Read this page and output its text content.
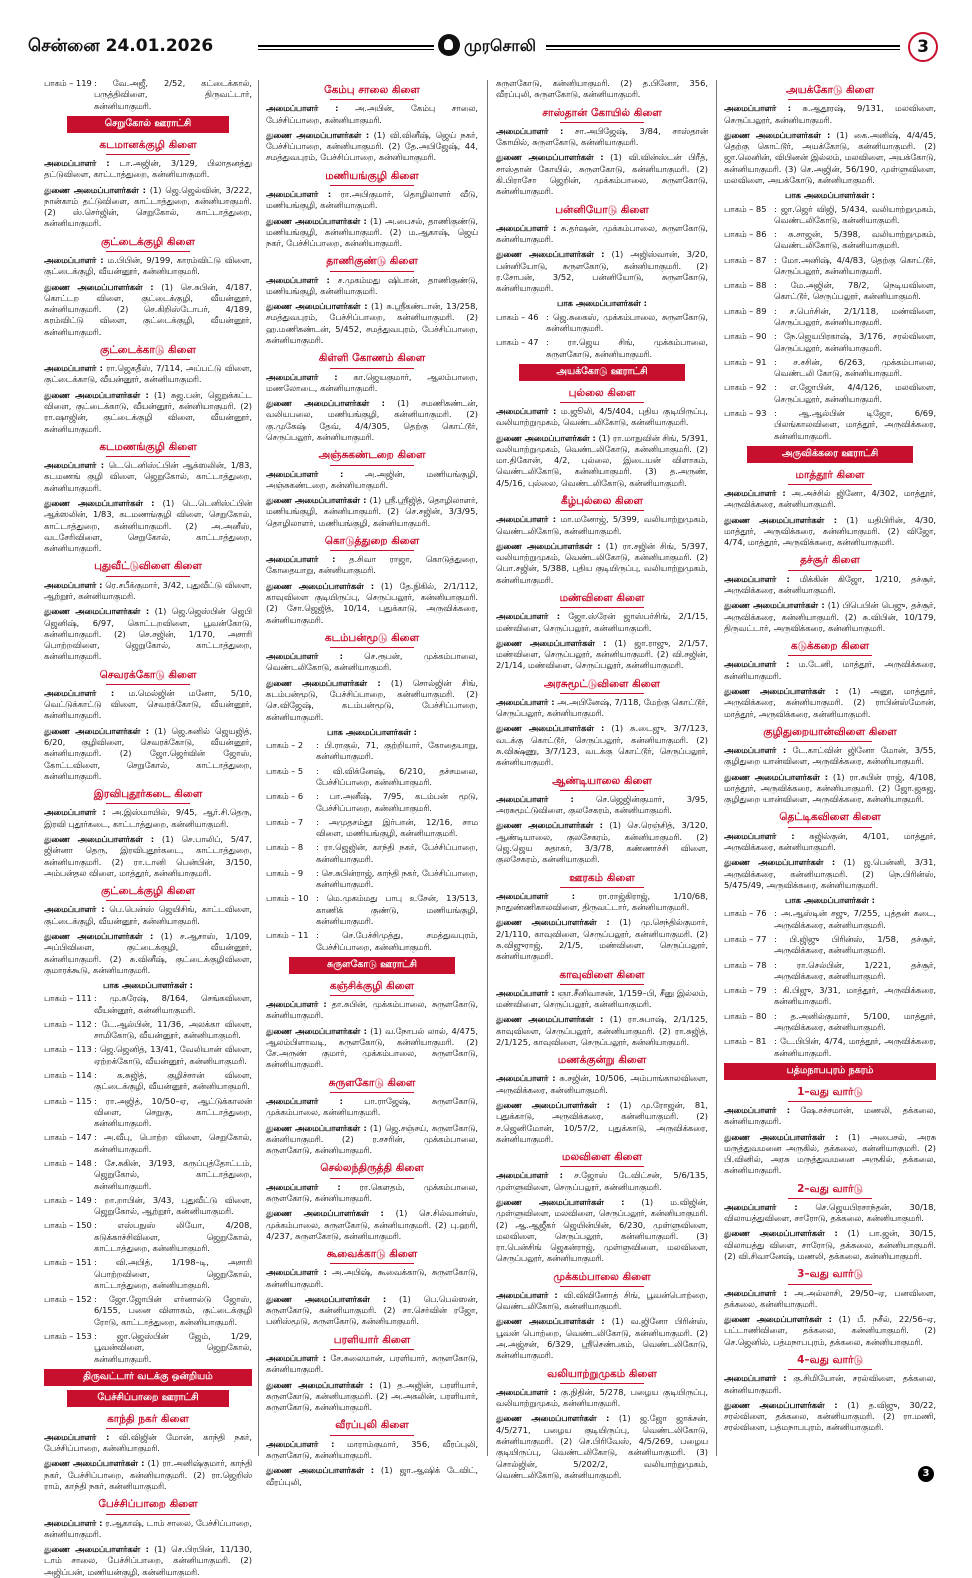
சென்னை 24.01.2026	முரசொலி	3
பாகம் – 119 : வே.அஜீ, 2/52, கட்டைக்கால், பருத்திவிளை, திருவட்டார், கன்னியாகுமரி.
செறுகோல் ஊராட்சி
கடமானக்குழி கிளை

அமைப்பாளர் : டா.அஜின், 3/129, பிலாதனத்து தட்டுவிளை, காட்டாத்துறை, கன்னியாகுமரி.

துணை அமைப்பாளர்கள் : (1) ஜெ.ஜெல்வின், 3/222, நான்காம் தட்டுவிளை, காட்டாத்துறை, கன்னியாகுமரி. (2) ஸ்.செர்ஜின், செறுகோல், காட்டாத்துறை, கன்னியாகுமரி.

குட்டைக்குழி கிளை

அமைப்பாளர் : ம.பிபின், 9/199, காரம்விட்டு விளை, குட்டைக்குழி, வீயன்னூர், கன்னியாகுமரி.

துணை அமைப்பாளர்கள் : (1) செ.சுபின், 4/187, கொட்டற விளை, குட்டைக்குழி, வீயன்னூர், கன்னியாகுமரி. (2) செ.கிறிஸ்டோபர், 4/189, கரம்விட்டு விளை, குட்டைக்குழி, வீயன்னூர், கன்னியாகுமரி.

குட்டைக்காடு கிளை

அமைப்பாளர் : ரா.ஜெகதீஸ், 7/114, அப்பட்டு விளை, குட்டைக்காடு, வீயன்னூர், கன்னியாகுமரி.

துணை அமைப்பாளர்கள் : (1) சுஜ.பன், ஜெறுக்கட்ட விளை, குட்டைக்காடு, வீயன்னூர், கன்னியாகுமரி. (2) ரா.ஷாஜின், குட்டைக்குழி விளை, வீயன்னூர், கன்னியாகுமரி.

கடமணங்குழி கிளை

அமைப்பாளர் : டெ.டெனிஸ்ட்பின் ஆக்ஸலின், 1/83, கடமணங் குழி விளை, ஜெறுகோல், காட்டாத்துறை, கன்னியாகுமரி.

துணை அமைப்பாளர்கள் : (1) டெ.டெனிஸ்ட்பின் ஆக்ஸலின், 1/83, கடமணங்குழி விளை, செறுகோல், காட்டாத்துறை, கன்னியாகுமரி. (2) அ.அனீஸ், வடசேரிவிளை, செறுகோல், காட்டாத்துறை, கன்னியாகுமரி.

புதுவீட்டுவிளை கிளை

அமைப்பாளர் : ரெ.சபீக்குமார், 3/42, புதுவீட்டு விளை, ஆற்றூர், கன்னியாகுமரி.

துணை அமைப்பாளர்கள் : (1) ஜெ.ஜெஸ்பின் ஜெபி ஜெனிஷ், 6/97, கொட்டறவிளை, பூவன்கோடு, கன்னியாகுமரி. (2) செ.சஜின், 1/170, அசாரி பொற்றவிளை, ஜெறுகோல், காட்டாத்துறை, கன்னியாகுமரி.

செவரக்கோடு கிளை

அமைப்பாளர் : ம.மெல்ஜின் மனோ, 5/10, வெட்டுக்காட்டு விளை, செவரக்கோடு, வீயன்னூர், கன்னியாகுமரி.

துணை அமைப்பாளர்கள் : (1) ஜெ.சுனில் ஜெயஜித், 6/20, குழிவிளை, செவரக்கோடு, வீயன்னூர், கன்னியாகுமரி. (2) ஜோ.ஜெர்வின் ஜோஸ், கோட்டவிளை, செறுகோல், காட்டாத்துறை, கன்னியாகுமரி.

இரவிபுதூர்கடை கிளை

அமைப்பாளர் : அ.இஸ்மாயில், 9/45, ஆர்.சி.தெரு, இரவி புதூர்கடை, காட்டாத்துறை, கன்னியாகுமரி.

துணை அமைப்பாளர்கள் : (1) செ.பாலிப், 5/47, ஜின்னா தெரு, இரவிபுதூர்கடை, காட்டாத்துறை, கன்னியாகுமரி. (2) ரா.டானி பென்பின், 3/150, அம்பன்தல விளை, மாத்தூர், கன்னியாகுமரி.

குட்டைக்குழி கிளை

அமைப்பாளர் : பெ.பென்ஸ் ஜெயிசிங், காட்டவிளை, குட்டைக்குழி, வீயன்னூர், கன்னியாகுமரி.

துணை அமைப்பாளர்கள் : (1) ச.ஆசாஸ், 1/109, அப்பிவிளை, குட்டைக்குழி, வீயன்னூர், கன்னியாகுமரி. (2) சு.வினீஷ், குட்டைக்குழிவிளை, குமாரக்கூடு, கன்னியாகுமரி.

பாக அமைப்பாளர்கள் :
பாகம் – 111 : மு.சுரேஷ், 8/164, செங்கவிளை, வீயன்னூர், கன்னியாகுமரி.
பாகம் – 112 : டே.ஆல்பின், 11/36, அலக்கா விளை, சாமிகோடு, வீயன்னூர், கன்னியாகுமரி.
பாகம் – 113 : ஜெ.ஜெனித், 13/41, வேலியான் விளை, ஏற்றக்கோடு, வீயன்னூர், கன்னியாகுமரி.
பாகம் – 114 : க.சுஜித், குழிச்சான் விளை, குட்டைக்குழி, வீயன்னூர், கன்னியாகுமரி.
பாகம் – 115 : ரா.அஜித், 10/50–ஏ, ஆட்டுக்காலன் விளை, செறுகு, காட்டாத்துறை, கன்னியாகுமரி.
பாகம் – 147 : அ.வீபு, பொற்ற விளை, செறுகோல், கன்னியாகுமரி.
பாகம் – 148 : சே.சுகின், 3/193, கருப்புத்தோட்டம், ஜெறுகோல், காட்டாத்துறை, கன்னியாகுமரி.
பாகம் – 149 : றா.றாபின், 3/43, புதுவீட்டு விளை, ஜெறுகோல், ஆற்றூர், கன்னியாகுமரி.
பாகம் – 150 : எஸ்பநுஸ் லியோ, 4/208, கடுக்காச்சிவிளை, ஜெறுகோல், காட்டாத்துறை, கன்னியாகுமரி.
பாகம் – 151 : வி.அபித், 1/198–டி, அசாரி பொற்றவிளை, ஜெறுகோல், காட்டாத்துறை, கன்னியாகுமரி.
பாகம் – 152 : ஜோ.ஜோபின் எர்னால்டு ஜோஸ், 6/155, பனை விளாகம், குட்டைக்குழி ரோடு, காட்டாத்துறை, கன்னியாகுமரி.
பாகம் – 153 : ஜா.ஜெஸ்பின் ஜேம், 1/29, பூவன்விளை, ஜெறுகோல், கன்னியாகுமரி.
திருவட்டார் வடக்கு ஒன்றியம்
பேச்சிப்பாறை ஊராட்சி
காந்தி நகர் கிளை

அமைப்பாளர் : வி.விஜின் மோன், காந்தி நகர், பேச்சிப்பாறை, கன்னியாகுமரி.

துணை அமைப்பாளர்கள் : (1) ரா.அனிஷ்குமார், காந்தி நகர், பேச்சிப்பாறை, கன்னியாகுமரி. (2) ரா.ஜெறிஸ் ராம், காந்தி நகர், கன்னியாகுமரி.

பேச்சிப்பாறை கிளை

அமைப்பாளர் : ர.ஆகாஷ், டாம் சாலை, பேச்சிப்பாறை, கன்னியாகுமரி.

துணை அமைப்பாளர்கள் : (1) செ.பிரபின், 11/130, டாம் சாலை, பேச்சிப்பாறை, கன்னியாகுமரி. (2) அஜிப்பன், மணியன்குழி, கன்னியாகுமரி.

கேம்பு சாலை கிளை

அமைப்பாளர் : அ.அபின், கேம்பு சாலை, பேச்சிப்பாறை, கன்னியாகுமரி.

துணை அமைப்பாளர்கள் : (1) வி.வினீஷ், ஜெய் நகர், பேச்சிப்பாறை, கன்னியாகுமரி. (2) தே.அபிஜேஷ், 44, சமத்துவபுரம், பேச்சிப்பாறை, கன்னியாகுமரி.

மணியங்குழி கிளை

அமைப்பாளர் : ரா.அபிகுமார், தொழிலாளர் வீடு, மணியங்குழி, கன்னியாகுமரி.

துணை அமைப்பாளர்கள் : (1) அ.பைசல், தாணிகுண்டு, மணியங்குழி, கன்னியாகுமரி. (2) ம.ஆகாஷ், ஜெய் நகர், பேச்சிப்பாறை, கன்னியாகுமரி.

தாணிகுண்டு கிளை

அமைப்பாளர் : ச.முகம்மது ஷிபான், தாணிகுண்டு, மணியங்குழி, கன்னியாகுமரி.

துணை அமைப்பாளர்கள் : (1) சு.ஸ்ரீகண்டான், 13/258, சமத்துவபுரம், பேச்சிப்பாறை, கன்னியாகுமரி. (2) ஹ.மணிகண்டன், 5/452, சமத்துவபுரம், பேச்சிப்பாறை, கன்னியாகுமரி.

கிள்ளி கோணம் கிளை

அமைப்பாளர் : கா.ஜெயகுமார், ஆலம்பாறை, மணலோடை, கன்னியாகுமரி.

துணை அமைப்பாளர்கள் : (1) சமணிகண்டன், வலியபலை, மணியங்குழி, கன்னியாகுமரி. (2) கு.முகேஷ் தேவ், 4/4/305, தெற்கு கொட்டூர், செருப்பலூர், கன்னியாகுமரி.

அஞ்சுகண்டறை கிளை

அமைப்பாளர் :	அ.அஜின், மணியங்குழி, அஞ்சுகண்டறை, கன்னியாகுமரி.

துணை அமைப்பாளர்கள் : (1) ஸ்ரீ.ஸ்ரீஜித், தொழிலாளர், மணியங்குழி, கன்னியாகுமரி. (2) செ.சஜின், 3/3/95, தொழிலாளர், மணியங்குழி, கன்னியாகுமரி.

கொடுத்துறை கிளை

அமைப்பாளர் : த.சிவா ராஜா, கொடுத்துறை, கோதையாறு, கன்னியாகுமரி.

துணை அமைப்பாளர்கள் : (1) தே.நிகில், 2/1/112, காவுவிளை குடியிருப்பு, செருப்பலூர், கன்னியாகுமரி. (2) சோ.ஜெஜித், 10/14, புதுக்காடு, அருவிக்கரை, கன்னியாகுமரி.

கடம்பன்மூடு கிளை

அமைப்பாளர் :	செ.ரூபன், முக்கம்பாலை, வெண்டலிகோடு, கன்னியாகுமரி.

துணை அமைப்பாளர்கள் : (1) சொல்ஜின் சிங், கடம்பன்மூடு, பேச்சிப்பாறை, கன்னியாகுமரி. (2) செ.விஜேஷ், கடம்பன்மூடு, பேச்சிப்பாறை, கன்னியாகுமரி.

பாக அமைப்பாளர்கள் :
பாகம் – 2	: பி.ராகுல், 71, குற்றியார், கோதையாறு, கன்னியாகுமரி.
பாகம் – 5	: வி.விக்னேஷ், 6/210, தச்சமலை, பேச்சிப்பாறை, கன்னியாகுமரி.
பாகம் – 6	: பா.அனீஷ், 7/95, கடம்பன் மூடு, பேச்சிப்பாறை, கன்னியாகுமரி.
பாகம் – 7	: அமுதசம்தூ இர்பான், 12/16, சாம விளை, மணியங்குழி, கன்னியாகுமரி.
பாகம் – 8	: ரா.ஜெஜின், காந்தி நகர், பேச்சிப்பாறை, கன்னியாகுமரி.
பாகம் – 9	: செ.சுபின்ராஜ், காந்தி நகர், பேச்சிப்பாறை, கன்னியாகுமரி.
பாகம் – 10 : மெ.முகம்மது பாபு உசேன், 13/513, காணிக் குண்டு, மணியங்குழி, கன்னியாகுமரி.
பாகம் – 11 : செ.பேச்சிமுத்து, சமத்துவபுரம், பேச்சிப்பாறை, கன்னியாகுமரி.
சுருளகோடு ஊராட்சி
கஞ்சிக்குழி கிளை

அமைப்பாளர் : தா.சுபின், முக்கம்பாலை, சுருளகோடு, கன்னியாகுமரி.

துணை அமைப்பாளர்கள் : (1) வ.நோபல் லால், 4/475, ஆலம்பிளாவடி, சுருளகோடு, கன்னியாகுமரி. (2) சே.அருண் குமார், முக்கம்பாலை, சுருளகோடு, கன்னியாகுமரி.

சுருளகோடு கிளை

அமைப்பாளர் :	பா.ராஜேஷ், சுருளகோடு, முக்கம்பாலை, கன்னியாகுமரி.

துணை அமைப்பாளர்கள் : (1) ஜெ.சஞ்சய், சுருளகோடு, கன்னியாகுமரி. (2) ர.சசரின், முக்கம்பாலை, சுருளகோடு, கன்னியாகுமரி.

செல்லந்திருத்தி கிளை

அமைப்பாளர் : ரா.கௌதம், முக்கம்பாலை, சுருளகோடு, கன்னியாகுமரி.

துணை அமைப்பாளர்கள் : (1) செ.சில்வான்ஸ், முக்கம்பாலை, சுருளகோடு, கன்னியாகுமரி. (2) பு.ஹரி, 4/237, சுருளகோடு, கன்னியாகுமரி.

கூவைக்காடு கிளை

அமைப்பாளர் : அ.அபிஷ், கூவைக்காடு, சுருளகோடு, கன்னியாகுமரி.

துணை அமைப்பாளர்கள் : (1) பெ.பெல்ஸன், சுருளகோடு, கன்னியாகுமரி. (2) சா.செர்வின் ரஜோ, பனிஸ்மூடு, சுருளகோடு, கன்னியாகுமரி.

பரளியார் கிளை

அமைப்பாளர் : சே.சுலைமான், பரளியார், சுருளகோடு, கன்னியாகுமரி.

துணை அமைப்பாளர்கள் : (1) த.அஜின், பரளியார், சுருளகோடு, கன்னியாகுமரி. (2) அ.அகலின், பரளியார், சுருளகோடு, கன்னியாகுமரி.

வீரப்புலி கிளை

அமைப்பாளர் : மாராம்குமார், 356, வீரப்புலி, சுருளகோடு, கன்னியாகுமரி.

துணை அமைப்பாளர்கள் : (1) ஜா.ஆஷிக் டேவிட், வீரப்புலி,

சுருளகோடு, கன்னியாகுமரி. (2) த.பினோ, 356, வீரப்புலி, சுருளகோடு, கன்னியாகுமரி.

சாஸ்தான் கோயில் கிளை

அமைப்பாளர் : சா.அபிஜேஷ், 3/84, சாஸ்தான் கோயில், சுருளகோடு, கன்னியாகுமரி.

துணை அமைப்பாளர்கள் : (1) வி.வின்ஸ்டன் பிரீத், சாஸ்தான் கோயில், சுருளகோடு, கன்னியாகுமரி. (2) கி.பிராசோ ஜெறின், முக்கம்பாலை, சுருளகோடு, கன்னியாகுமரி.

பன்னியோடு கிளை

அமைப்பாளர் : சு.தர்ஷன், முக்கம்பாலை, சுருளகோடு, கன்னியாகுமரி.

துணை அமைப்பாளர்கள் : (1) அஜிஸ்வான், 3/20, பன்னியோடு, சுருளகோடு, கன்னியாகுமரி. (2) ர.சோபன், 3/52, பன்னியோடு, சுருளகோடு, கன்னியாகுமரி.

பாக அமைப்பாளர்கள் :
பாகம் – 46 : ஜெ.சுகைஸ், முக்கம்பாலை, சுருளகோடு, கன்னியாகுமரி.
பாகம் – 47 : ரா.ஜெய சிங், முக்கம்பாலை, சுருளகோடு, கன்னியாகுமரி.
அயக்கோடு ஊராட்சி
புல்லை கிளை

அமைப்பாளர் : ம.ஜூலி, 4/5/404, புதிய குடியிருப்பு, வலியாற்றுமுகம், வெண்டலிகோடு, கன்னியாகுமரி.

துணை அமைப்பாளர்கள் : (1) ரா.மாநுவின் சிங், 5/391, வலியாற்றுமுகம், வெண்டலிகோடு, கன்னியாகுமரி. (2) மா.திகோன், 4/2, புல்லை, இடையன் விளாகம், வெண்டலிகோடு, கன்னியாகுமரி. (3) த.அருண், 4/5/16, புல்லை, வெண்டலிகோடு, கன்னியாகுமரி.

கீழ்புல்லை கிளை

அமைப்பாளர் : மா.மனோஜ், 5/399, வலியாற்றுமுகம், வெண்டலிகோடு, கன்னியாகுமரி.

துணை அமைப்பாளர்கள் : (1) ரா.சஜின் சிங், 5/397, வலியாற்றுமுகம், வெண்டலிகோடு, கன்னியாகுமரி. (2) பொ.சஜின், 5/388, புதிய குடியிருப்பு, வலியாற்றுமுகம், கன்னியாகுமரி.

மண்விளை கிளை

அமைப்பாளர் : ஜோ.ஸ்ரேன் ஜாஸ்பர்சிங், 2/1/15, மண்விளை, செருப்பலூர், கன்னியாகுமரி.

துணை அமைப்பாளர்கள் : (1) ஜா.ராஜு, 2/1/57, மண்விளை, செருப்பலூர், கன்னியாகுமரி. (2) வி.சஜின், 2/1/14, மண்விளை, செருப்பலூர், கன்னியாகுமரி.

அரசுமூட்டுவிளை கிளை

அமைப்பாளர் : அ.அபினேஷ், 7/118, மேற்கு கொட்டூர், செருப்பலூர், கன்னியாகுமரி.

துணை அமைப்பாளர்கள் : (1) சு.டைஜு, 3/7/123, வடக்கு கொட்டூர், செருப்பலூர், கன்னியாகுமரி. (2) சு.விக்ஷ்ணு, 3/7/123, வடக்கு கொட்டூர், செருப்பலூர், கன்னியாகுமரி.

ஆண்டியாலை கிளை

அமைப்பாளர் :	செ.ஜெஜின்குமார், 3/95, அரசுமூட்டுவிளை, குலசேகரம், கன்னியாகுமரி.

துணை அமைப்பாளர்கள் : (1) செ.ரெஞ்சித், 3/120, ஆண்டியாலை, குலசேகரம், கன்னியாகுமரி. (2) ஜெ.ஜெய சுதாகர், 3/3/78, கண்ணாச்சி விளை, குலசேகரம், கன்னியாகுமரி.

ஊரகம் கிளை

அமைப்பாளர் :	ரா.ராஜ்கிராஜ், 1/10/68, நாதுண்ணிகாலவிளை, திருவட்டார், கன்னியாகுமரி.

துணை அமைப்பாளர்கள் : (1) மு.செந்தில்குமார், 2/1/110, காவுவிளை, செருப்பலூர், கன்னியாகுமரி. (2) சு.விஜுராஜ், 2/1/5, மண்விளை, செருப்பலூர், கன்னியாகுமரி.

காவுவிளை கிளை

அமைப்பாளர் : ஞா.சீனிவாசன், 1/159–பி, சீனு இல்லம், மண்விளை, செருப்பலூர், கன்னியாகுமரி.

துணை அமைப்பாளர்கள் : (1) ரா.சுபாஷ், 2/1/125, காவுவிளை, செருப்பலூர், கன்னியாகுமரி. (2) ரா.சுஜித், 2/1/125, காவுவிளை, செருப்பலூர், கன்னியாகுமரி.

மணக்குன்று கிளை

அமைப்பாளர் : சு.சஜின், 10/506, அம்பாங்காலவிளை, அருவிக்கரை, கன்னியாகுமரி.

துணை அமைப்பாளர்கள் : (1) மு.ரோஜன், 81, புதுக்காடு, அருவிக்கரை, கன்னியாகுமரி. (2) ச.ஜெனிமோன், 10/57/2, புதுக்காடு, அருவிக்கரை, கன்னியாகுமரி.

மலவிளை கிளை

அமைப்பாளர் : ச.ஜோஸ் டேவிட்சன், 5/6/135, முள்ளுவிளை, செருப்பலூர், கன்னியாகுமரி.

துணை அமைப்பாளர்கள் : (1) ம.விஜின், முள்ளுவிளை, மலவிளை, செருப்பலூர், கன்னியாகுமரி. (2) ஆ.ஆஜீகர் ஜெயின்பின், 6/230, முள்ளுவிளை, மலவிளை, செருப்பலூர், கன்னியாகுமரி. (3) ரா.பென்சிங் ஜெகன்ராஜ், முள்ளுவிளை, மலவிளை, செருப்பலூர், கன்னியாகுமரி.

முக்கம்பாலை கிளை

அமைப்பாளர் : வி.விவினோத் சிங், பூவன்பொற்றை, வெண்டலிகோடு, கன்னியாகுமரி.

துணை அமைப்பாளர்கள் : (1) வ.ஜினோ பிரின்ஸ், பூவன் பொற்றை, வெண்டலிகோடு, கன்னியாகுமரி. (2) அ.அஜ்சன், 6/329, ஸ்ரீசெண்பகம், வெண்டலிகோடு, கன்னியாகுமரி.

வலியாற்றுமுகம் கிளை

அமைப்பாளர் : கு.நிதின், 5/278, பழைய குடியிருப்பு, வலியாற்றுமுகம், கன்னியாகுமரி.

துணை அமைப்பாளர்கள் : (1) ஜ.ஜோ ஜாக்சன், 4/5/271, பழைய குடியிருப்பு, வெண்டலிகோடு, கன்னியாகுமரி. (2) செ.பிரிவேஸ், 4/5/269, பழைய குடியிருப்பு, வெண்டலிகோடு, கன்னியாகுமரி. (3) சொல்ஜின், 5/202/2, வலியாற்றுமுகம், வெண்டலிகோடு, கன்னியாகுமரி.

அயக்கோடு கிளை

அமைப்பாளர் : சு.ஆதூரஷ், 9/131, மலவிளை, செருப்பலூர், கன்னியாகுமரி.

துணை அமைப்பாளர்கள் : (1) கை.அனிஷ், 4/4/45, தெற்கு கொட்டூர், அயக்கோடு, கன்னியாகுமரி. (2) ஜா.லெனின், விபினன் இல்லம், மலவிளை, அயக்கோடு, கன்னியாகுமரி. (3) செ.அஜின், 56/190, முள்ளுவிளை, மலவிளை, அயக்கோடு, கன்னியாகுமரி.

பாக அமைப்பாளர்கள் :
பாகம் – 85 : ஜா.ஜெர் விஜி, 5/434, வலியாற்றுமுகம், வெண்டலிகோடு, கன்னியாகுமரி.
பாகம் – 86 : சு.சாஜன், 5/398, வலியாற்றுமுகம், வெண்டலிகோடு, கன்னியாகுமரி.
பாகம் – 87 : மோ.அனிஷ், 4/4/83, தெற்கு கொட்டூர், செருப்பலூர், கன்னியாகுமரி.
பாகம் – 88 : மே.அஜின், 78/2, நெடியவிளை, கொட்டூர், செருப்பலூர், கன்னியாகுமரி.
பாகம் – 89 : ச.பெர்சின், 2/1/118, மண்விளை, செருப்பலூர், கன்னியாகுமரி.
பாகம் – 90 : நே.ஜெயபிரகாஷ், 3/176, சரல்விளை, செருப்பலூர், கன்னியாகுமரி.
பாகம் – 91 : ச.சசின், 6/263, முக்கம்பாலை, வெண்டலி கோடு, கன்னியாகுமரி.
பாகம் – 92 : எ.ஜோபின், 4/4/126, மலவிளை, செருப்பலூர், கன்னியாகுமரி.
பாகம் – 93 : ஆ.ஆல்பின் டிஜோ, 6/69, பிலங்காலவிளை, மாத்தூர், அருவிக்கரை, கன்னியாகுமரி.
அருவிக்கரை ஊராட்சி
மாத்தூர் கிளை

அமைப்பாளர் : அ.அச்சில் ஜினோ, 4/302, மாத்தூர், அருவிக்கரை, கன்னியாகுமரி.

துணை அமைப்பாளர்கள் : (1) யதிபிரின், 4/30, மாத்தூர், அருவிக்கரை, கன்னியாகுமரி. (2) விஜோ, 4/74, மாத்தூர், அருவிக்கரை, கன்னியாகுமரி.

தச்சூர் கிளை

அமைப்பாளர் : மிக்கின் கிஜோ, 1/210, தச்சூர், அருவிக்கரை, கன்னியாகுமரி.

துணை அமைப்பாளர்கள் : (1) பிபெபின் பெஜு, தச்சூர், அருவிக்கரை, கன்னியாகுமரி. (2) சு.விபின், 10/179, திருவட்டார், அருவிக்கரை, கன்னியாகுமரி.

கடுக்கறை கிளை

அமைப்பாளர் : ம.டேனி, மாத்தூர், அருவிக்கரை, கன்னியாகுமரி.

துணை அமைப்பாளர்கள் : (1) அனூ, மாத்தூர், அருவிக்கரை, கன்னியாகுமரி. (2) ராபின்ஸ்மோன், மாத்தூர், அருவிக்கரை, கன்னியாகுமரி.

குழிதுறையான்விளை கிளை

அமைப்பாளர் : டே.காட்வின் ஜினோ மோன், 3/55, குழிதுறை யான்விளை, அருவிக்கரை, கன்னியாகுமரி.

துணை அமைப்பாளர்கள் : (1) ரா.சுபின் ராஜ், 4/108, மாத்தூர், அருவிக்கரை, கன்னியாகுமரி. (2) ஜோ.ஜகஜ, குழிதுறை யான்விளை, அருவிக்கரை, கன்னியாகுமரி.

தெட்டிகவிளை கிளை

அமைப்பாளர் : சுஜில்குன், 4/101, மாத்தூர், அருவிக்கரை, கன்னியாகுமரி.

துணை அமைப்பாளர்கள் : (1) ஜ.பென்னி, 3/31, அருவிக்கரை, கன்னியாகுமரி. (2) நெ.பிரின்ஸ், 5/475/49, அருவிக்கரை, கன்னியாகுமரி.

பாக அமைப்பாளர்கள் :
பாகம் – 76 : அ.ஆஸ்டின் சஜு, 7/255, புத்தன் கடை, அருவிக்கரை, கன்னியாகுமரி.
பாகம் – 77 : பி.ஜிஜு பிரின்ஸ், 1/58, தச்சூர், அருவிக்கரை, கன்னியாகுமரி.
பாகம் – 78 : ரா.செல்பின், 1/221, தச்சூர், அருவிக்கரை, கன்னியாகுமரி.
பாகம் – 79 : கி.பிஜு, 3/31, மாத்தூர், அருவிக்கரை, கன்னியாகுமரி.
பாகம் – 80 : த.அனில்குமார், 5/100, மாத்தூர், அருவிக்கரை, கன்னியாகுமரி.
பாகம் – 81 : டே.பிபின், 4/74, மாத்தூர், அருவிக்கரை, கன்னியாகுமரி.
பத்மநாபபுரம் நகரம்
1–வது வார்டு

அமைப்பாளர் : ஷே.சச்சமான், மணலி, தக்கலை, கன்னியாகுமரி.

துணை அமைப்பாளர்கள் : (1) அபைசல், அரசு மருத்துவமனை அருகில், தக்கலை, கன்னியாகுமரி. (2) பி.வினில், அரசு மருத்துவமனை அருகில், தக்கலை, கன்னியாகுமரி.

2–வது வார்டு

அமைப்பாளர் : செ.ஜெயபிரசாந்தன், 30/18, விலாயத்துவிளை, சாரோடு, தக்கலை, கன்னியாகுமரி.

துணை அமைப்பாளர்கள் : (1) பா.ஜன், 30/15, விலாயத்து விளை, சாரோடு, தக்கலை, கன்னியாகுமரி. (2) வி.சிவானேஷ், மணலி, தக்கலை, கன்னியாகுமரி.

3–வது வார்டு

அமைப்பாளர் : அ.அல்லாசி, 29/50–ஏ, பனவிளை, தக்கலை, கன்னியாகுமரி.

துணை அமைப்பாளர்கள் : (1) பீ. நசீல், 22/56–ஏ, பட்டாணிவிளை, தக்கலை, கன்னியாகுமரி. (2) செ.ஜெனில், பத்மநாபபுரம், தக்கலை, கன்னியாகுமரி.

4–வது வார்டு

அமைப்பாளர் : கு.சிமியோன், சரல்விளை, தக்கலை, கன்னியாகுமரி.

துணை அமைப்பாளர்கள் : (1) த.விஜு, 30/22, சரல்விளை, தக்கலை, கன்னியாகுமரி. (2) ரா.மணி, சரல்விளை, பத்மநாபபுரம், கன்னியாகுமரி.

3
